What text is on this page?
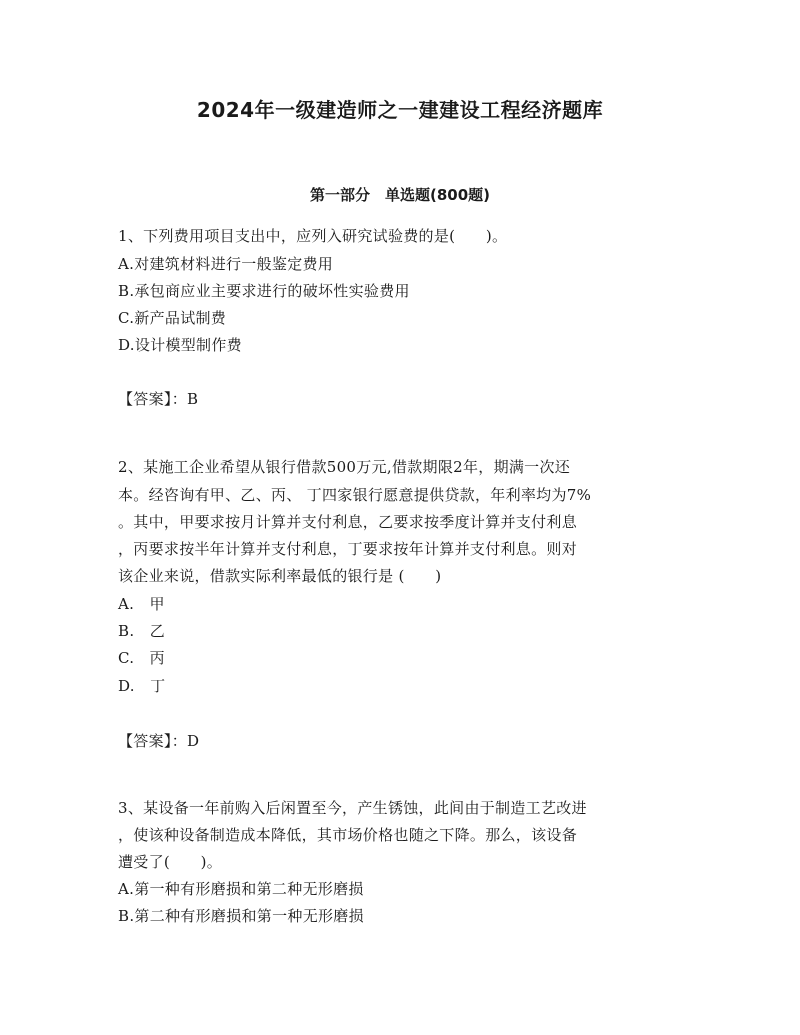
2024年一级建造师之一建建设工程经济题库
第一部分　单选题(800题)
1、下列费用项目支出中，应列入研究试验费的是(　　)。
A.对建筑材料进行一般鉴定费用
B.承包商应业主要求进行的破坏性实验费用
C.新产品试制费
D.设计模型制作费
【答案】：B
2、某施工企业希望从银行借款500万元,借款期限2年，期满一次还
本。经咨询有甲、乙、丙、 丁四家银行愿意提供贷款，年利率均为7%
。其中，甲要求按月计算并支付利息，乙要求按季度计算并支付利息
，丙要求按半年计算并支付利息，丁要求按年计算并支付利息。则对
该企业来说，借款实际利率最低的银行是 (　　)
A.　甲
B.　乙
C.　丙
D.　丁
【答案】：D
3、某设备一年前购入后闲置至今，产生锈蚀，此间由于制造工艺改进
，使该种设备制造成本降低，其市场价格也随之下降。那么，该设备
遭受了(　　)。
A.第一种有形磨损和第二种无形磨损
B.第二种有形磨损和第一种无形磨损
